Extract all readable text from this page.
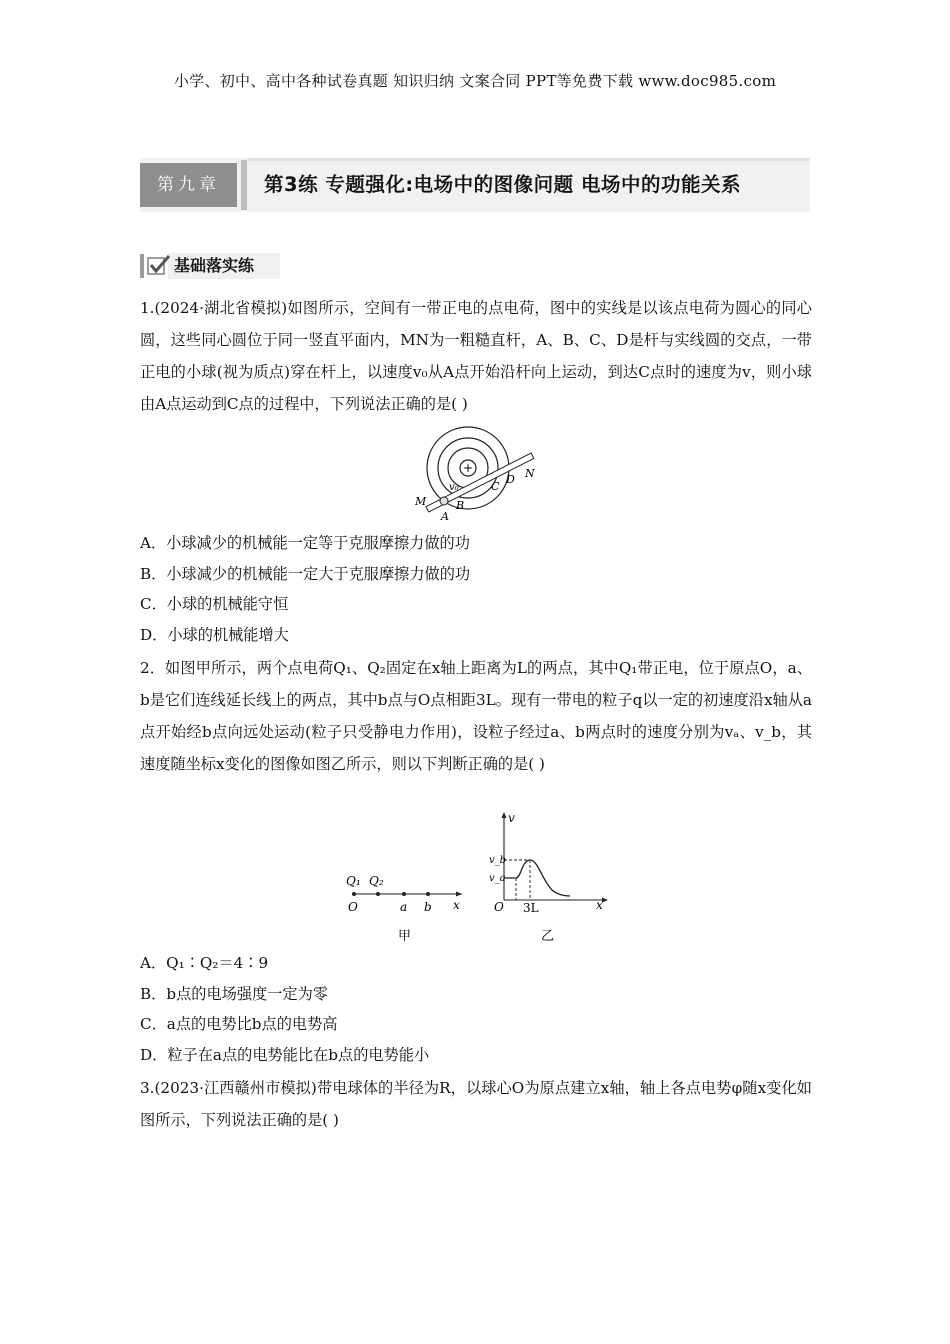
小学、初中、高中各种试卷真题 知识归纳 文案合同 PPT等免费下载 www.doc985.com
第九章	第3练 专题强化:电场中的图像问题 电场中的功能关系
基础落实练
1.(2024·湖北省模拟)如图所示，空间有一带正电的点电荷，图中的实线是以该点电荷为圆心的同心圆，这些同心圆位于同一竖直平面内，MN为一粗糙直杆，A、B、C、D是杆与实线圆的交点，一带正电的小球(视为质点)穿在杆上，以速度v₀从A点开始沿杆向上运动，到达C点时的速度为v，则小球由A点运动到C点的过程中，下列说法正确的是( )
+
M
N
A
B
C
D
v₀
A．小球减少的机械能一定等于克服摩擦力做的功
B．小球减少的机械能一定大于克服摩擦力做的功
C．小球的机械能守恒
D．小球的机械能增大
2．如图甲所示，两个点电荷Q₁、Q₂固定在x轴上距离为L的两点，其中Q₁带正电，位于原点O，a、b是它们连线延长线上的两点，其中b点与O点相距3L。现有一带电的粒子q以一定的初速度沿x轴从a点开始经b点向远处运动(粒子只受静电力作用)，设粒子经过a、b两点时的速度分别为vₐ、v_b，其速度随坐标x变化的图像如图乙所示，则以下判断正确的是( )
Q₁ Q₂
O	a b x
甲
v
v_b
v_a
O 3L	x
乙
A．Q₁∶Q₂＝4∶9
B．b点的电场强度一定为零
C．a点的电势比b点的电势高
D．粒子在a点的电势能比在b点的电势能小
3.(2023·江西赣州市模拟)带电球体的半径为R，以球心O为原点建立x轴，轴上各点电势φ随x变化如图所示，下列说法正确的是( )
